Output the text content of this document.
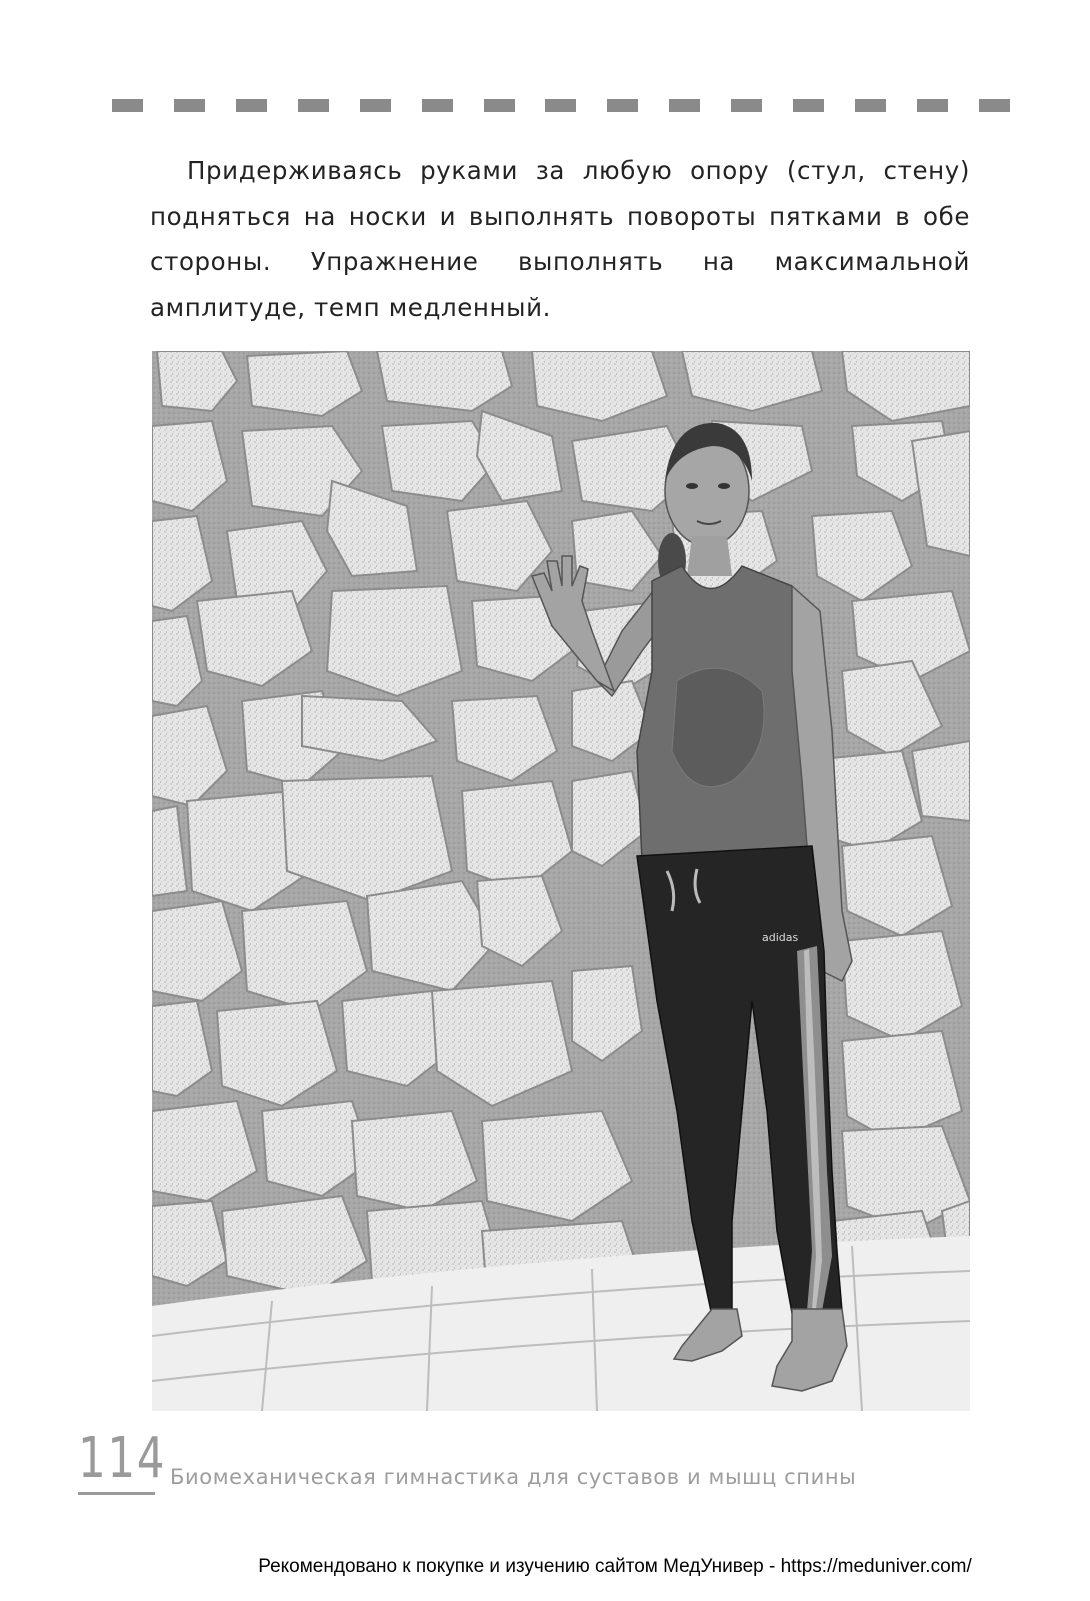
Придерживаясь руками за любую опору (стул, стену) подняться на носки и выполнять повороты пятками в обе стороны. Упражнение выполнять на максимальной амплитуде, темп медленный.

adidas
114 Биомеханическая гимнастика для суставов и мышц спины
Рекомендовано к покупке и изучению сайтом МедУнивер - https://meduniver.com/
